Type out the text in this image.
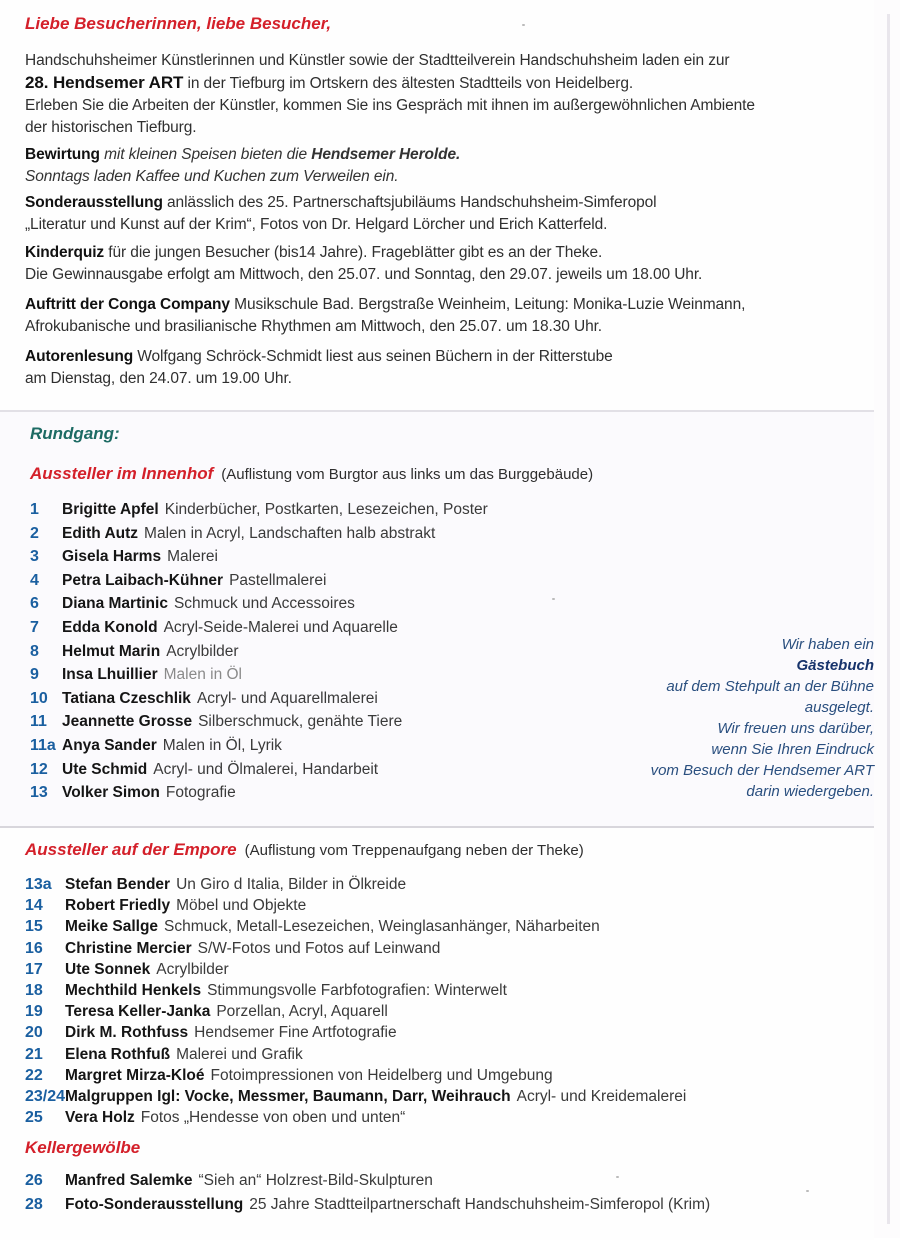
Liebe Besucherinnen, liebe Besucher,
Handschuhsheimer Künstlerinnen und Künstler sowie der Stadtteilverein Handschuhsheim laden ein zur
28. Hendsemer ART in der Tiefburg im Ortskern des ältesten Stadtteils von Heidelberg.
Erleben Sie die Arbeiten der Künstler, kommen Sie ins Gespräch mit ihnen im außergewöhnlichen Ambiente
der historischen Tiefburg.
Bewirtung mit kleinen Speisen bieten die Hendsemer Herolde.
Sonntags laden Kaffee und Kuchen zum Verweilen ein.
Sonderausstellung anlässlich des 25. Partnerschaftsjubiläums Handschuhsheim-Simferopol
„Literatur und Kunst auf der Krim“, Fotos von Dr. Helgard Lörcher und Erich Katterfeld.
Kinderquiz für die jungen Besucher (bis14 Jahre). FragebIätter gibt es an der Theke.
Die Gewinnausgabe erfolgt am Mittwoch, den 25.07. und Sonntag, den 29.07. jeweils um 18.00 Uhr.
Auftritt der Conga Company Musikschule Bad. Bergstraße Weinheim, Leitung: Monika-Luzie Weinmann,
Afrokubanische und brasilianische Rhythmen am Mittwoch, den 25.07. um 18.30 Uhr.
Autorenlesung Wolfgang Schröck-Schmidt liest aus seinen Büchern in der Ritterstube
am Dienstag, den 24.07. um 19.00 Uhr.
Rundgang:
Aussteller im Innenhof (Auflistung vom Burgtor aus links um das Burggebäude)
1 Brigitte Apfel Kinderbücher, Postkarten, Lesezeichen, Poster
2 Edith Autz Malen in Acryl, Landschaften halb abstrakt
3 Gisela Harms Malerei
4 Petra Laibach-Kühner Pastellmalerei
6 Diana Martinic Schmuck und Accessoires
7 Edda Konold Acryl-Seide-Malerei und Aquarelle
8 Helmut Marin Acrylbilder
9 Insa Lhuillier Malen in Öl
10 Tatiana Czeschlik Acryl- und Aquarellmalerei
11 Jeannette Grosse Silberschmuck, genähte Tiere
11a Anya Sander Malen in Öl, Lyrik
12 Ute Schmid Acryl- und Ölmalerei, Handarbeit
13 Volker Simon Fotografie
Wir haben ein
Gästebuch
auf dem Stehpult an der Bühne
ausgelegt.
Wir freuen uns darüber,
wenn Sie Ihren Eindruck
vom Besuch der Hendsemer ART
darin wiedergeben.
Aussteller auf der Empore (Auflistung vom Treppenaufgang neben der Theke)
13a Stefan Bender Un Giro d Italia, Bilder in Ölkreide
14 Robert Friedly Möbel und Objekte
15 Meike Sallge Schmuck, Metall-Lesezeichen, Weinglasanhänger, Näharbeiten
16 Christine Mercier S/W-Fotos und Fotos auf Leinwand
17 Ute Sonnek Acrylbilder
18 Mechthild Henkels Stimmungsvolle Farbfotografien: Winterwelt
19 Teresa Keller-Janka Porzellan, Acryl, Aquarell
20 Dirk M. Rothfuss Hendsemer Fine Artfotografie
21 Elena Rothfuß Malerei und Grafik
22 Margret Mirza-Kloé Fotoimpressionen von Heidelberg und Umgebung
23/24Malgruppen Igl: Vocke, Messmer, Baumann, Darr, Weihrauch Acryl- und Kreidemalerei
25 Vera Holz Fotos „Hendesse von oben und unten“
Kellergewölbe
26 Manfred Salemke “Sieh an“ Holzrest-Bild-Skulpturen
28 Foto-Sonderausstellung 25 Jahre Stadtteilpartnerschaft Handschuhsheim-Simferopol (Krim)
